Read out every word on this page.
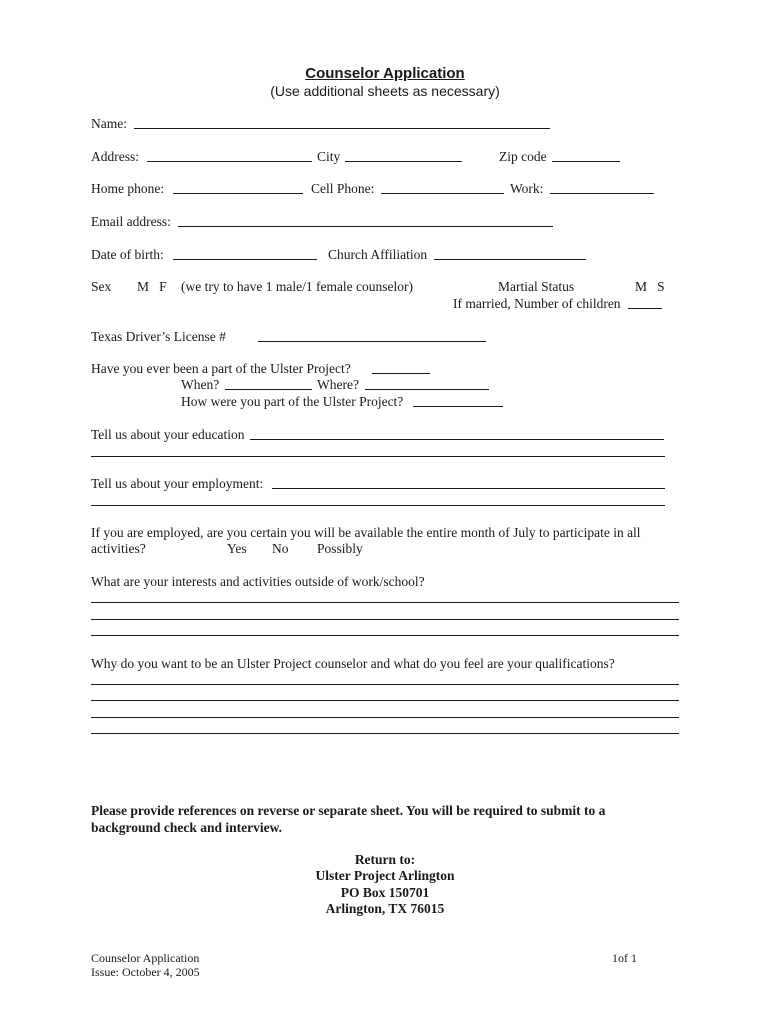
Counselor Application
(Use additional sheets as necessary)
Name:
Address:	City	Zip code
Home phone:	Cell Phone:	Work:
Email address:
Date of birth:	Church Affiliation
Sex M   F (we try to have 1 male/1 female counselor)	Martial Status	M   S
If married, Number of children
Texas Driver’s License #
Have you ever been a part of the Ulster Project?
When?	Where?
How were you part of the Ulster Project?
Tell us about your education
Tell us about your employment:
If you are employed, are you certain you will be available the entire month of July to participate in all
activities?	Yes No Possibly
What are your interests and activities outside of work/school?
Why do you want to be an Ulster Project counselor and what do you feel are your qualifications?
Please provide references on reverse or separate sheet. You will be required to submit to a
background check and interview.
Return to:
Ulster Project Arlington
PO Box 150701
Arlington, TX 76015
Counselor Application
Issue: October 4, 2005
1of 1
